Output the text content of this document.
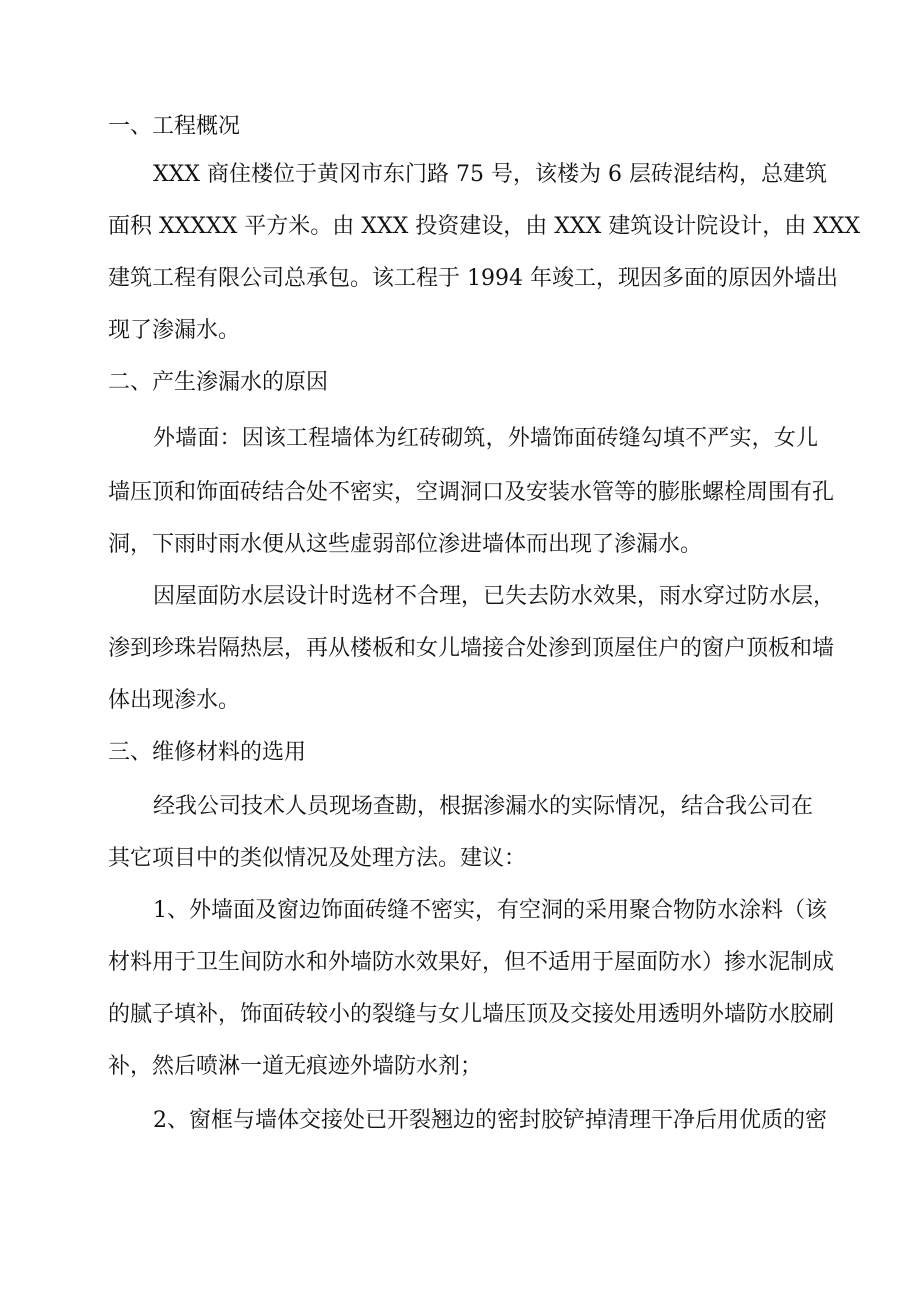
一、工程概况
XXX 商住楼位于黄冈市东门路 75 号，该楼为 6 层砖混结构，总建筑
面积 XXXXX 平方米。由 XXX 投资建设，由 XXX 建筑设计院设计，由 XXX
建筑工程有限公司总承包。该工程于 1994 年竣工，现因多面的原因外墙出
现了渗漏水。
二、产生渗漏水的原因
外墙面：因该工程墙体为红砖砌筑，外墙饰面砖缝勾填不严实，女儿
墙压顶和饰面砖结合处不密实，空调洞口及安装水管等的膨胀螺栓周围有孔
洞，下雨时雨水便从这些虚弱部位渗进墙体而出现了渗漏水。
因屋面防水层设计时选材不合理，已失去防水效果，雨水穿过防水层，
渗到珍珠岩隔热层，再从楼板和女儿墙接合处渗到顶屋住户的窗户顶板和墙
体出现渗水。
三、维修材料的选用
经我公司技术人员现场查勘，根据渗漏水的实际情况，结合我公司在
其它项目中的类似情况及处理方法。建议：
1、外墙面及窗边饰面砖缝不密实，有空洞的采用聚合物防水涂料（该
材料用于卫生间防水和外墙防水效果好，但不适用于屋面防水）掺水泥制成
的腻子填补，饰面砖较小的裂缝与女儿墙压顶及交接处用透明外墙防水胶刷
补，然后喷淋一道无痕迹外墙防水剂；
2、窗框与墙体交接处已开裂翘边的密封胶铲掉清理干净后用优质的密
